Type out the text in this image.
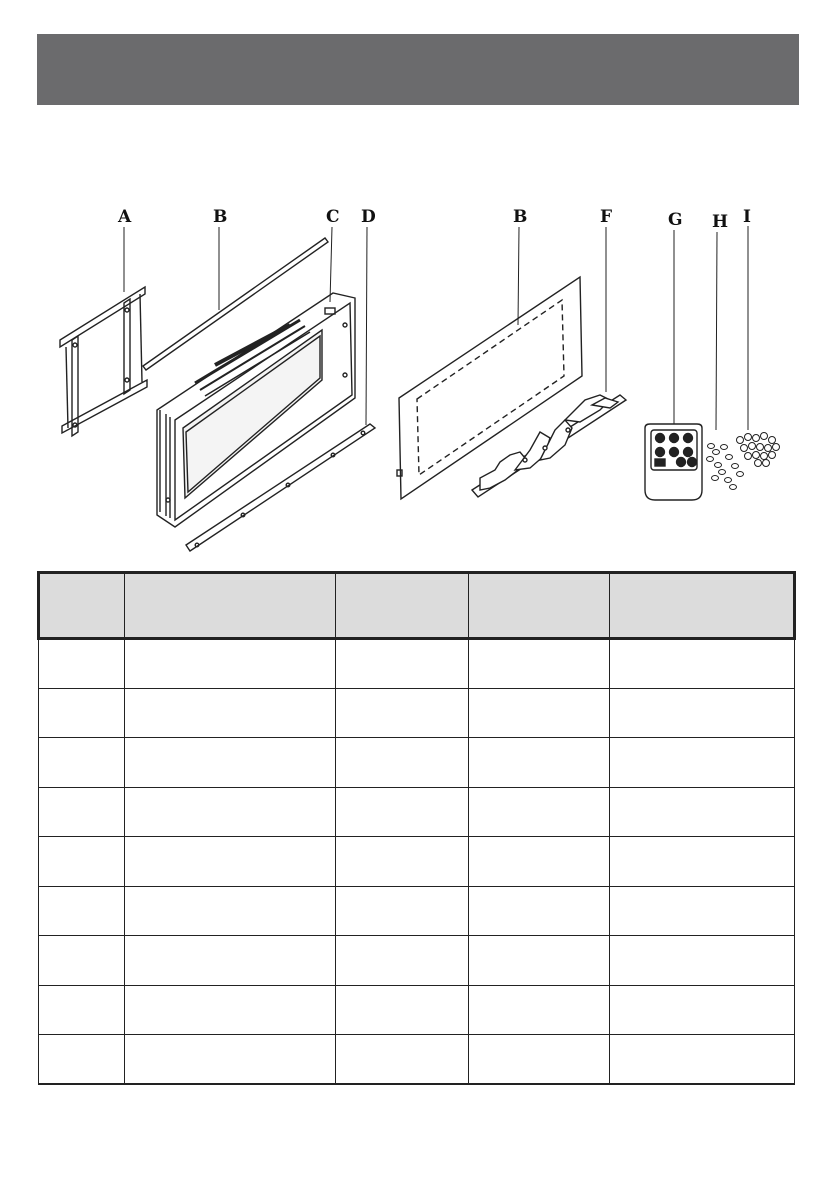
A	B	C D	B	F	G H I
